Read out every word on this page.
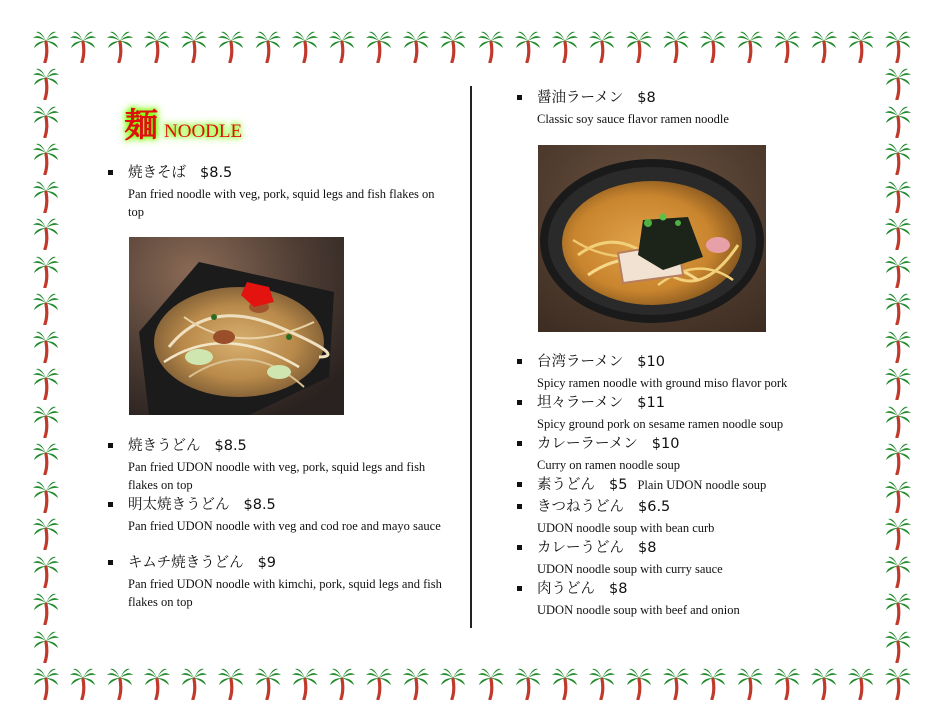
麺 NOODLE
焼きそば $8.5
Pan fried noodle with veg, pork, squid legs and fish flakes on top
焼きうどん $8.5
Pan fried UDON noodle with veg, pork, squid legs and fish flakes on top
明太焼きうどん $8.5
Pan fried UDON noodle with veg and cod roe and mayo sauce
キムチ焼きうどん $9
Pan fried UDON noodle with kimchi, pork, squid legs and fish flakes on top
醤油ラーメン $8
Classic soy sauce flavor ramen noodle
台湾ラーメン $10
Spicy ramen noodle with ground miso flavor pork
坦々ラーメン $11
Spicy ground pork on sesame ramen noodle soup
カレーラーメン $10
Curry on ramen noodle soup
素うどん $5 Plain UDON noodle soup
きつねうどん $6.5
UDON noodle soup with bean curb
カレーうどん $8
UDON noodle soup with curry sauce
肉うどん $8
UDON noodle soup with beef and onion
